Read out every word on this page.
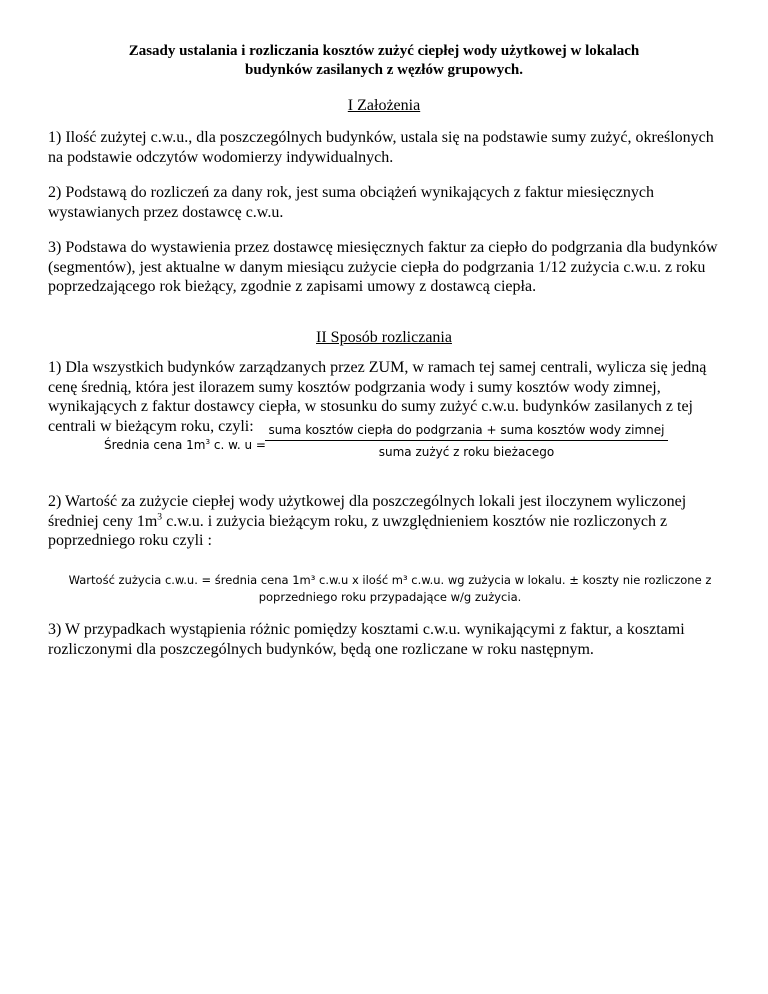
Zasady ustalania i rozliczania kosztów zużyć ciepłej wody użytkowej w lokalach
budynków zasilanych z węzłów grupowych.
I Założenia
1) Ilość zużytej c.w.u., dla poszczególnych budynków, ustala się na podstawie sumy zużyć, określonych na podstawie odczytów wodomierzy indywidualnych.
2) Podstawą do rozliczeń za dany rok, jest suma obciążeń wynikających z faktur miesięcznych wystawianych przez dostawcę c.w.u.
3) Podstawa do wystawienia przez dostawcę miesięcznych faktur za ciepło do podgrzania dla budynków (segmentów), jest aktualne w danym miesiącu zużycie ciepła do podgrzania 1/12 zużycia c.w.u. z roku poprzedzającego rok bieżący, zgodnie z zapisami umowy z dostawcą ciepła.
II Sposób rozliczania
1) Dla wszystkich budynków zarządzanych przez ZUM, w ramach tej samej centrali, wylicza się jedną cenę średnią, która jest ilorazem sumy kosztów podgrzania wody i sumy kosztów wody zimnej, wynikających z faktur dostawcy ciepła, w stosunku do sumy zużyć c.w.u. budynków zasilanych z tej centrali w bieżącym roku, czyli:
Średnia cena $1m^3$ c. w. u =
suma kosztów ciepła do podgrzania + suma kosztów wody zimnej
suma zużyć z roku bieżacego
2) Wartość za zużycie ciepłej wody użytkowej dla poszczególnych lokali jest iloczynem wyliczonej średniej ceny $1m^3$ c.w.u. i zużycia bieżącym roku, z uwzględnieniem kosztów nie rozliczonych z poprzedniego roku czyli :
Wartość zużycia c.w.u. = średnia cena 1m³ c.w.u x ilość m³ c.w.u. wg zużycia w lokalu. ± koszty nie rozliczone z
poprzedniego roku przypadające w/g zużycia.
3) W przypadkach wystąpienia różnic pomiędzy kosztami c.w.u. wynikającymi z faktur, a kosztami rozliczonymi dla poszczególnych budynków, będą one rozliczane w roku następnym.
